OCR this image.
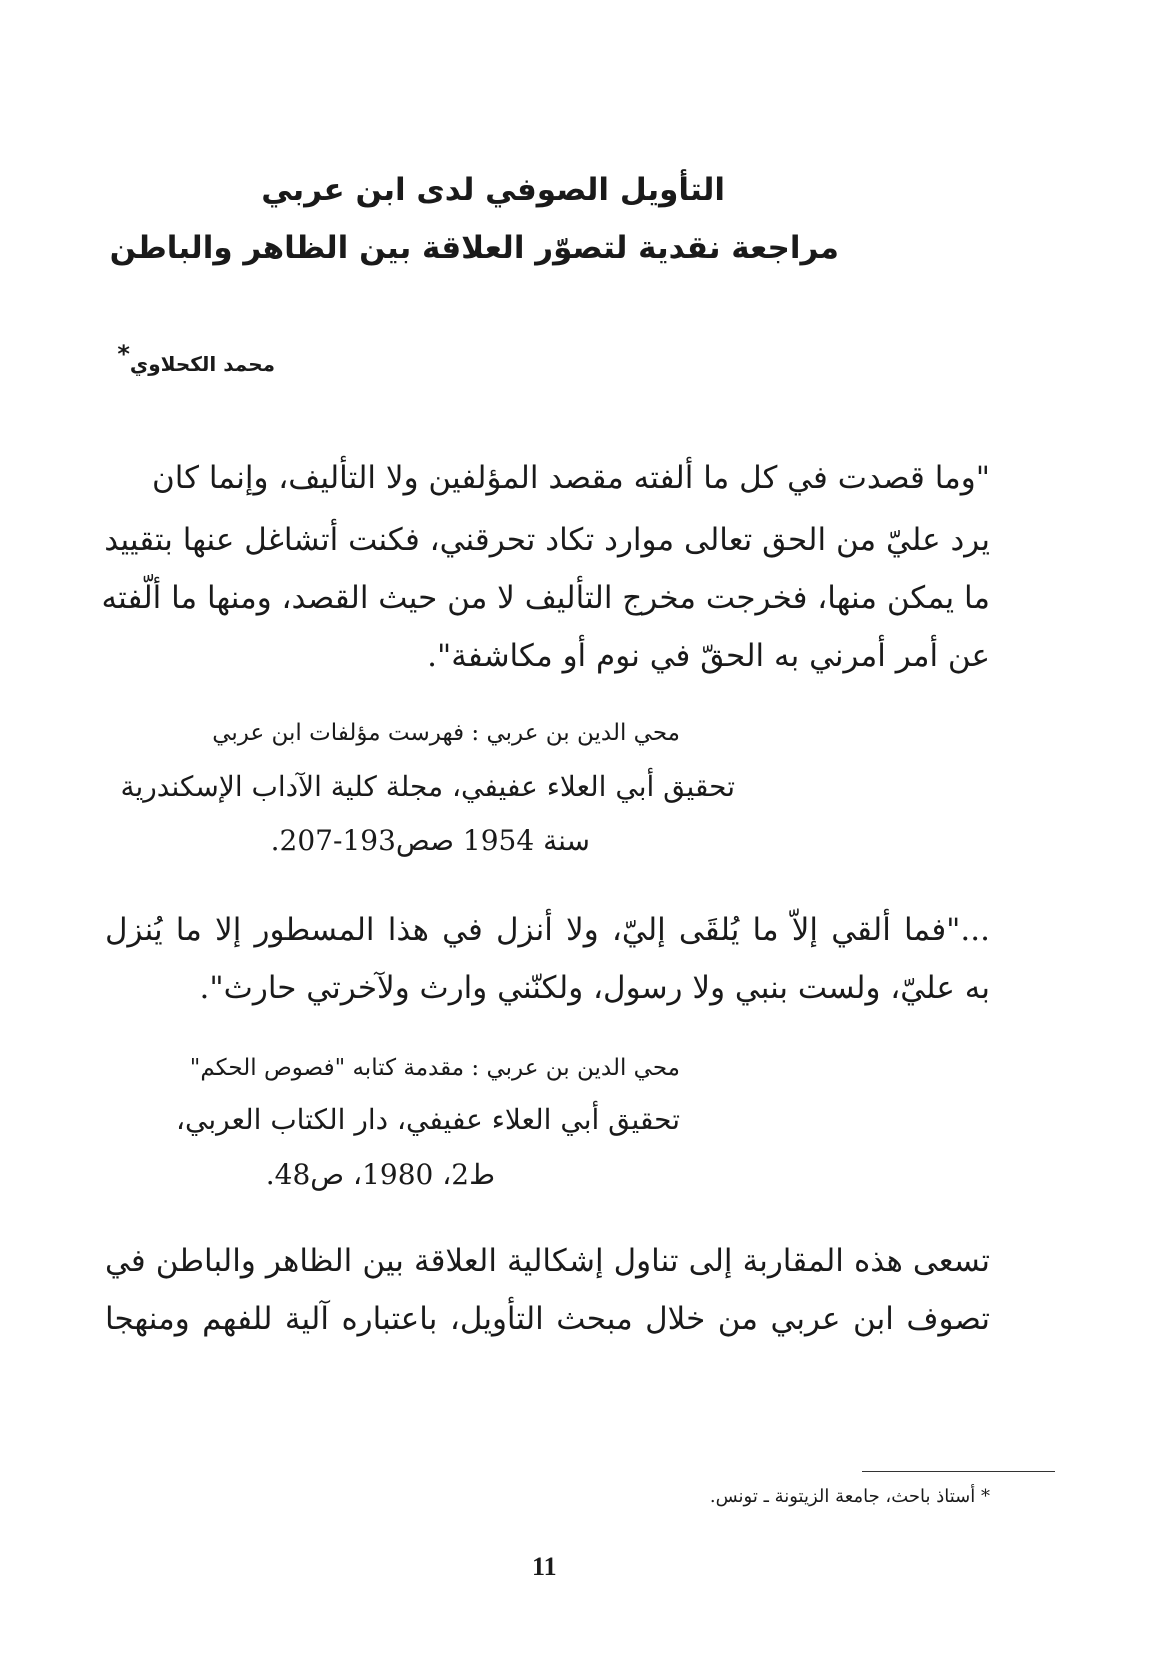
التأويل الصوفي لدى ابن عربي
مراجعة نقدية لتصوّر العلاقة بين الظاهر والباطن
محمد الكحلاوي*
"وما قصدت في كل ما ألفته مقصد المؤلفين ولا التأليف، وإنما كان
يرد عليّ من الحق تعالى موارد تكاد تحرقني، فكنت أتشاغل عنها بتقييد
ما يمكن منها، فخرجت مخرج التأليف لا من حيث القصد، ومنها ما ألّفته
عن أمر أمرني به الحقّ في نوم أو مكاشفة".
محي الدين بن عربي : فهرست مؤلفات ابن عربي
تحقيق أبي العلاء عفيفي، مجلة كلية الآداب الإسكندرية
سنة 1954 صص193-207.
..."فما ألقي إلاّ ما يُلقَى إليّ، ولا أنزل في هذا المسطور إلا ما يُنزل
به عليّ، ولست بنبي ولا رسول، ولكنّني وارث ولآخرتي حارث".
محي الدين بن عربي : مقدمة كتابه "فصوص الحكم"
تحقيق أبي العلاء عفيفي، دار الكتاب العربي،
ط2، 1980، ص48.
تسعى هذه المقاربة إلى تناول إشكالية العلاقة بين الظاهر والباطن في
تصوف ابن عربي من خلال مبحث التأويل، باعتباره آلية للفهم ومنهجا
* أستاذ باحث، جامعة الزيتونة ـ تونس.
11
